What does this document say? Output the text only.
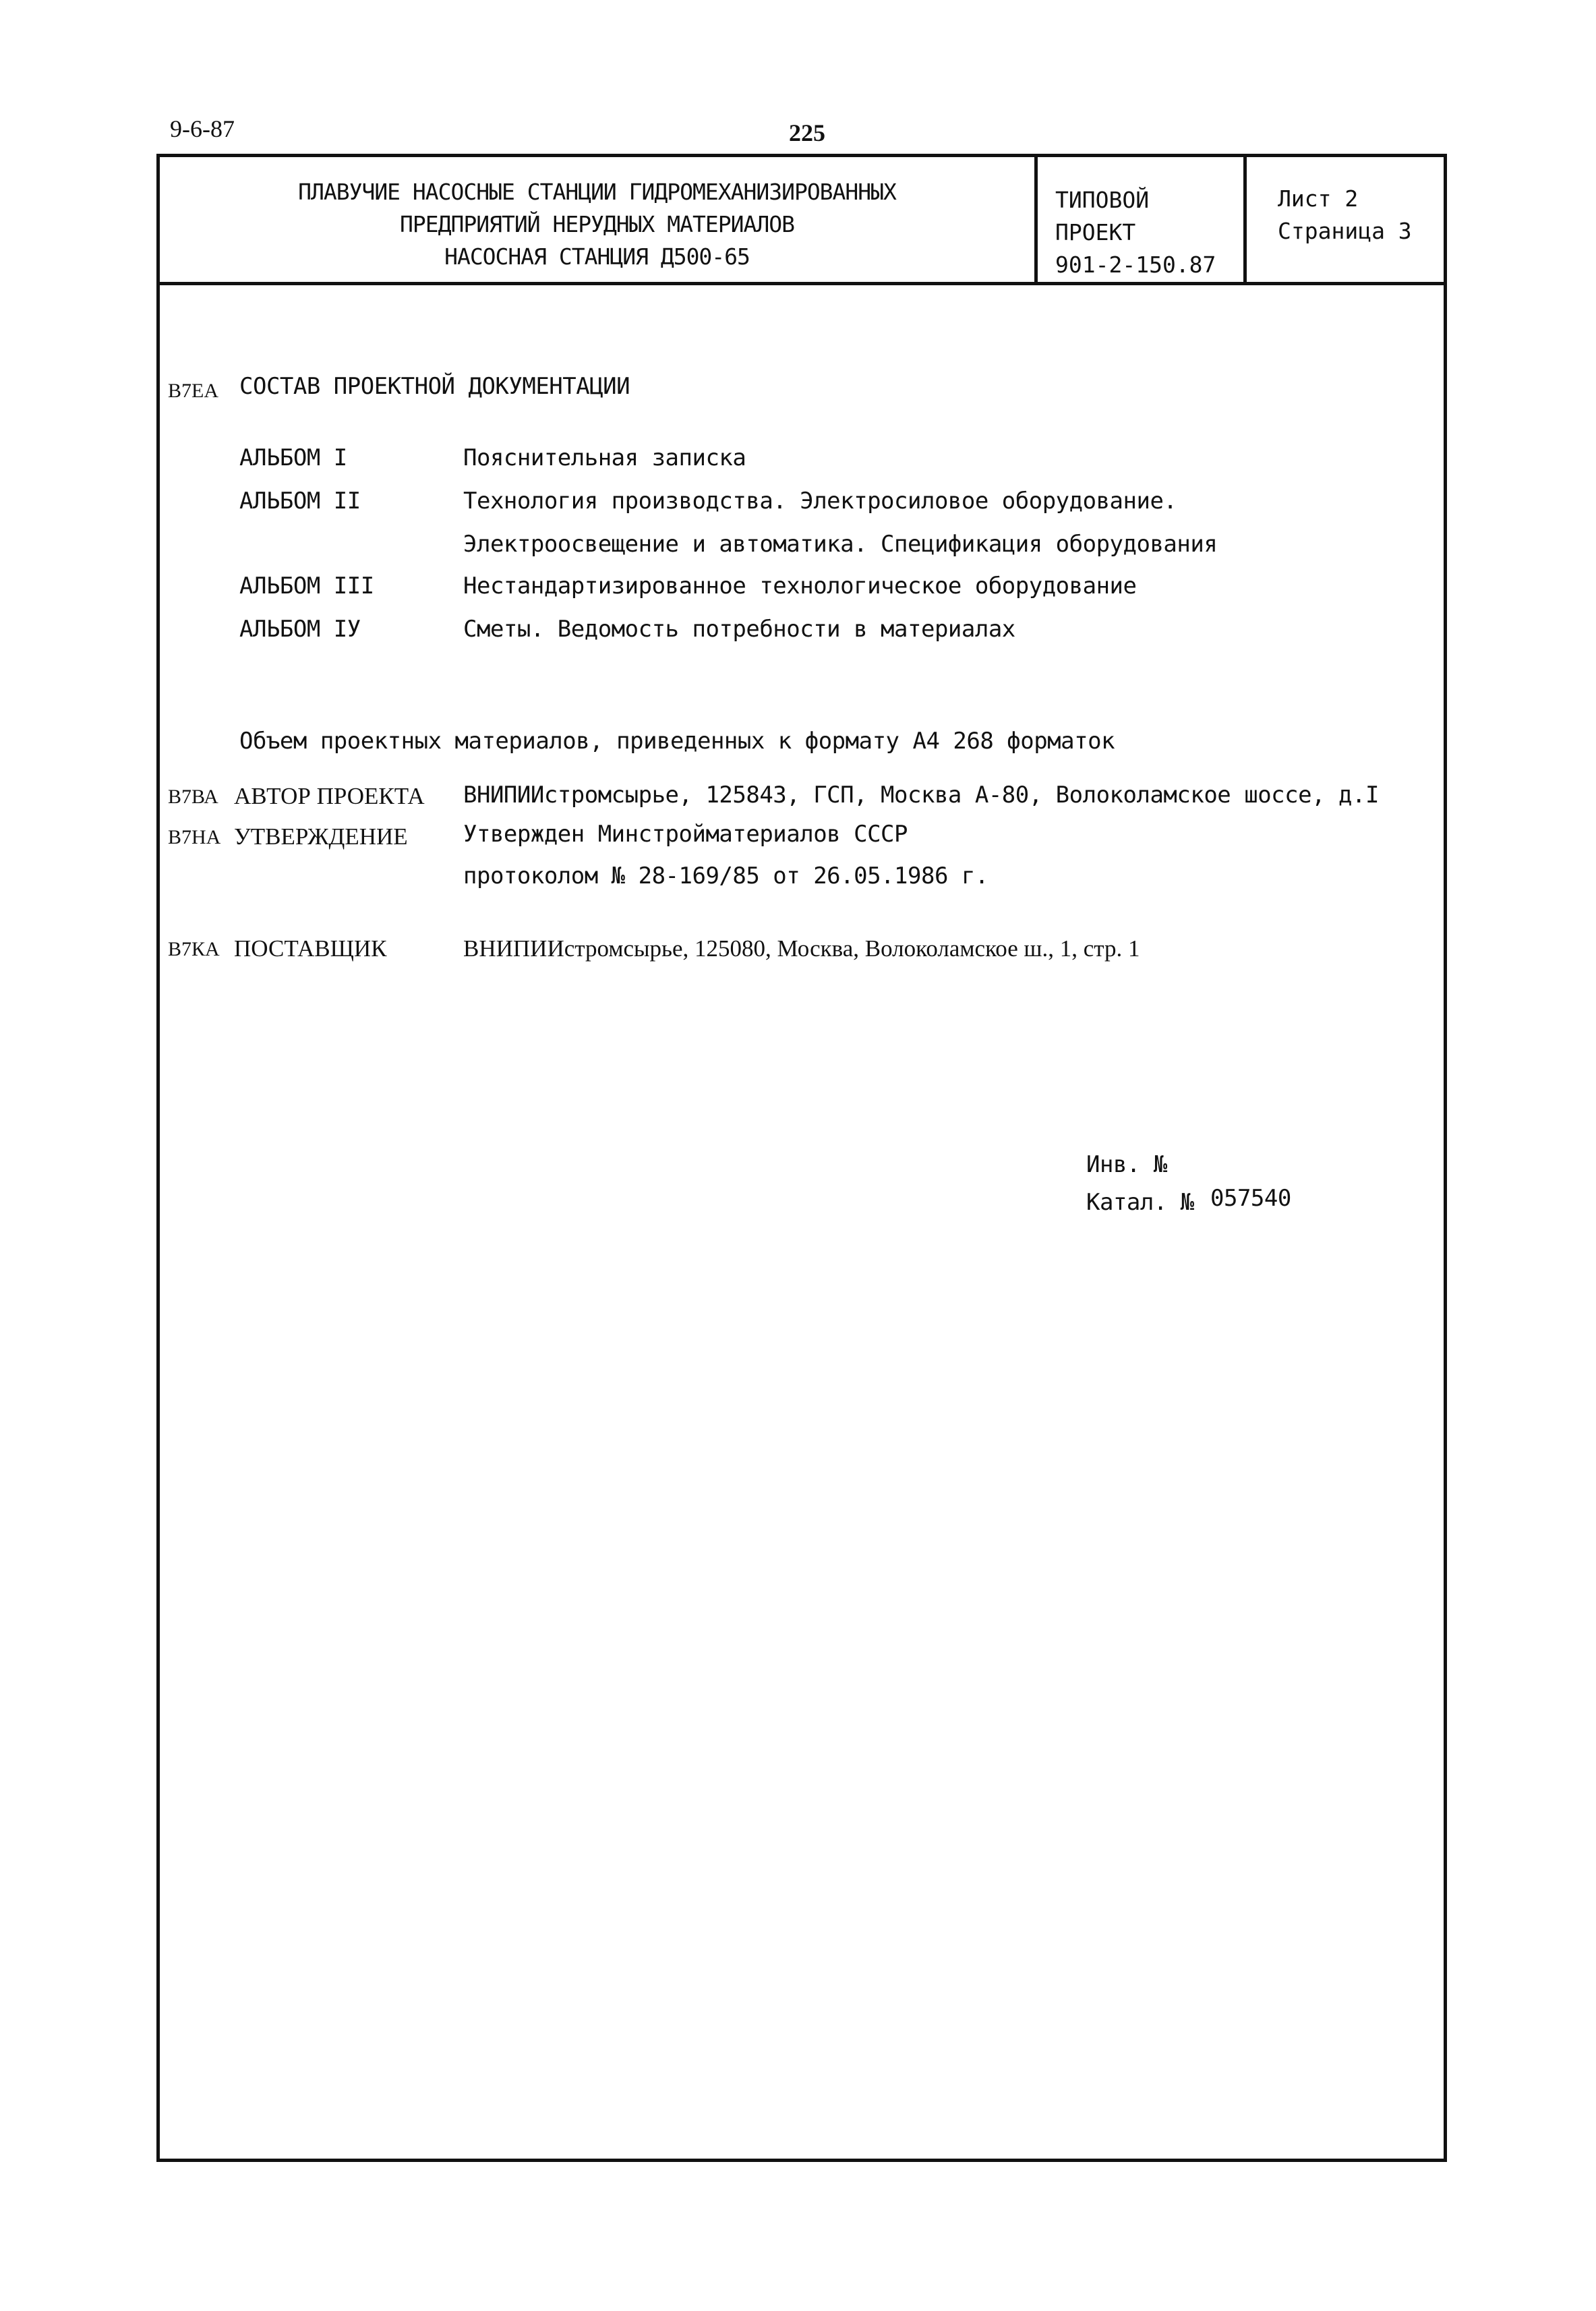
9-6-87	225
ПЛАВУЧИЕ НАСОСНЫЕ СТАНЦИИ ГИДРОМЕХАНИЗИРОВАННЫХ
ПРЕДПРИЯТИЙ НЕРУДНЫХ МАТЕРИАЛОВ
НАСОСНАЯ СТАНЦИЯ Д500-65
ТИПОВОЙ
ПРОЕКТ
901-2-150.87
Лист 2
Страница 3
В7ЕА СОСТАВ ПРОЕКТНОЙ ДОКУМЕНТАЦИИ
АЛЬБОМ I	Пояснительная записка
АЛЬБОМ II	Технология производства. Электросиловое оборудование.
Электроосвещение и автоматика. Спецификация оборудования
АЛЬБОМ III	Нестандартизированное технологическое оборудование
АЛЬБОМ IУ	Сметы. Ведомость потребности в материалах
Объем проектных материалов, приведенных к формату А4 268 форматок
В7ВА АВТОР ПРОЕКТА ВНИПИИстромсырье, 125843, ГСП, Москва А-80, Волоколамское шоссе, д.I
В7НА УТВЕРЖДЕНИЕ Утвержден Минстройматериалов СССР
протоколом № 28-169/85 от 26.05.1986 г.
В7КА ПОСТАВЩИК	ВНИПИИстромсырье, 125080, Москва, Волоколамское ш., 1, стр. 1
Инв. №
Катал. № 057540
